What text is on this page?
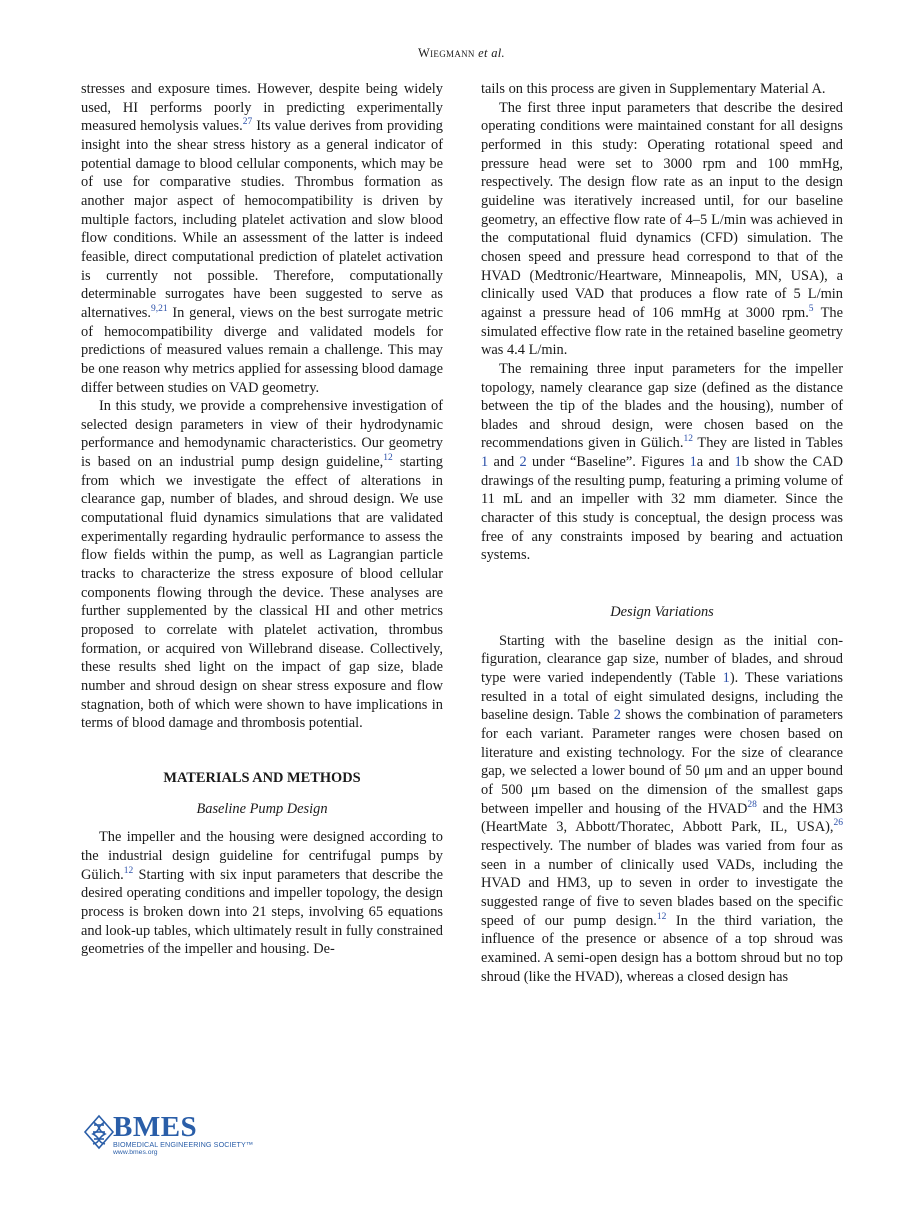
Wiegmann et al.

stresses and exposure times. However, despite being widely used, HI performs poorly in predicting experimentally measured hemolysis values.$^{27}$ Its value derives from providing insight into the shear stress history as a general indicator of potential damage to blood cellular components, which may be of use for comparative studies. Thrombus formation as another major aspect of hemocompatibility is driven by multiple factors, including platelet activation and slow blood flow conditions. While an assessment of the latter is indeed feasible, direct computational prediction of platelet activation is currently not possible. Therefore, computationally determinable surrogates have been suggested to serve as alternatives.$^{9,21}$ In general, views on the best surrogate metric of hemocompatibility diverge and validated models for predictions of measured values remain a challenge. This may be one reason why metrics applied for assessing blood damage differ between studies on VAD geometry.

In this study, we provide a comprehensive investigation of selected design parameters in view of their hydrodynamic performance and hemodynamic characteristics. Our geometry is based on an industrial pump design guideline,$^{12}$ starting from which we investigate the effect of alterations in clearance gap, number of blades, and shroud design. We use computational fluid dynamics simulations that are validated experimentally regarding hydraulic performance to assess the flow fields within the pump, as well as Lagrangian particle tracks to characterize the stress exposure of blood cellular components flowing through the device. These analyses are further supplemented by the classical HI and other metrics proposed to correlate with platelet activation, thrombus formation, or acquired von Willebrand disease. Collectively, these results shed light on the impact of gap size, blade number and shroud design on shear stress exposure and flow stagnation, both of which were shown to have implications in terms of blood damage and thrombosis potential.

MATERIALS AND METHODS
Baseline Pump Design

The impeller and the housing were designed according to the industrial design guideline for centrifugal pumps by Gülich.$^{12}$ Starting with six input parameters that describe the desired operating conditions and impeller topology, the design process is broken down into 21 steps, involving 65 equations and look-up tables, which ultimately result in fully constrained geometries of the impeller and housing. De-

tails on this process are given in Supplementary Material A.

The first three input parameters that describe the desired operating conditions were maintained constant for all designs performed in this study: Operating rotational speed and pressure head were set to 3000 rpm and 100 mmHg, respectively. The design flow rate as an input to the design guideline was iteratively increased until, for our baseline geometry, an effective flow rate of 4–5 L/min was achieved in the computational fluid dynamics (CFD) simulation. The chosen speed and pressure head correspond to that of the HVAD (Medtronic/Heartware, Minneapolis, MN, USA), a clinically used VAD that produces a flow rate of 5 L/min against a pressure head of 106 mmHg at 3000 rpm.$^5$ The simulated effective flow rate in the retained baseline geometry was 4.4 L/min.

The remaining three input parameters for the impeller topology, namely clearance gap size (defined as the distance between the tip of the blades and the housing), number of blades and shroud design, were chosen based on the recommendations given in Gülich.$^{12}$ They are listed in Tables 1 and 2 under “Baseline”. Figures 1a and 1b show the CAD drawings of the resulting pump, featuring a priming volume of 11 mL and an impeller with 32 mm diameter. Since the character of this study is conceptual, the design process was free of any constraints imposed by bearing and actuation systems.

Design Variations

Starting with the baseline design as the initial configuration, clearance gap size, number of blades, and shroud type were varied independently (Table 1). These variations resulted in a total of eight simulated designs, including the baseline design. Table 2 shows the combination of parameters for each variant. Parameter ranges were chosen based on literature and existing technology. For the size of clearance gap, we selected a lower bound of 50 μm and an upper bound of 500 μm based on the dimension of the smallest gaps between impeller and housing of the HVAD$^{28}$ and the HM3 (HeartMate 3, Abbott/Thoratec, Abbott Park, IL, USA),$^{26}$ respectively. The number of blades was varied from four as seen in a number of clinically used VADs, including the HVAD and HM3, up to seven in order to investigate the suggested range of five to seven blades based on the specific speed of our pump design.$^{12}$ In the third variation, the influence of the presence or absence of a top shroud was examined. A semi-open design has a bottom shroud but no top shroud (like the HVAD), whereas a closed design has

BMES
BIOMEDICAL ENGINEERING SOCIETY™
www.bmes.org
